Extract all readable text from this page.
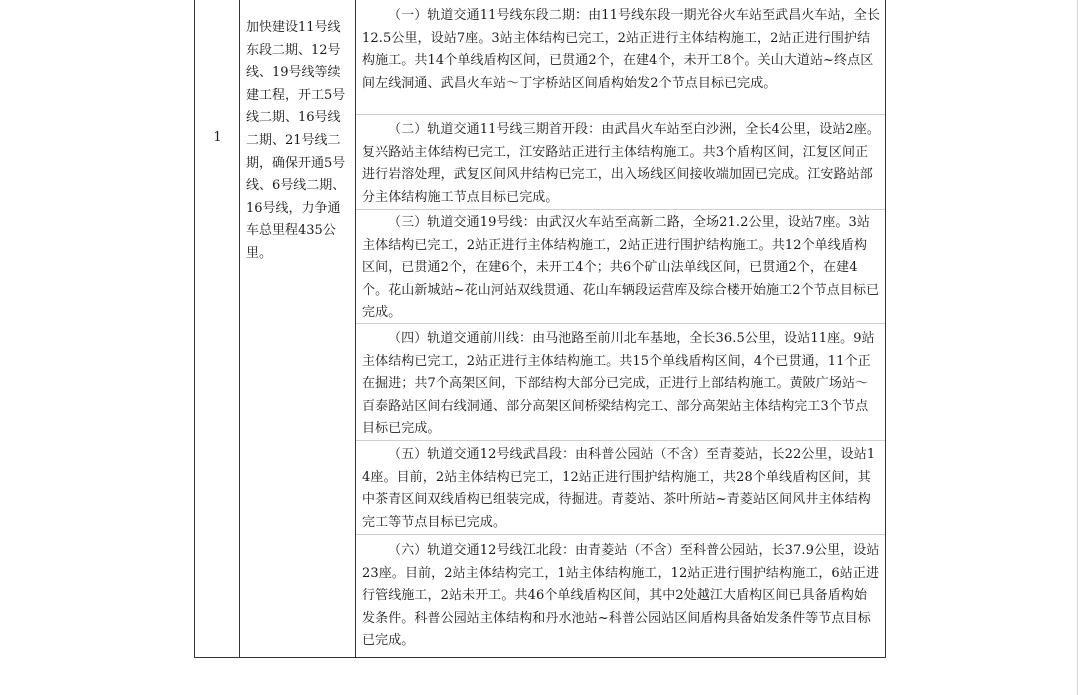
1
加快建设11号线东段二期、12号线、19号线等续建工程，开工5号线二期、16号线二期、21号线二期，确保开通5号线、6号线二期、16号线，力争通车总里程435公里。
（一）轨道交通11号线东段二期：由11号线东段一期光谷火车站至武昌火车站，全长12.5公里，设站7座。3站主体结构已完工，2站正进行主体结构施工，2站正进行围护结构施工。共14个单线盾构区间，已贯通2个，在建4个，未开工8个。关山大道站~终点区间左线洞通、武昌火车站～丁字桥站区间盾构始发2个节点目标已完成。
（二）轨道交通11号线三期首开段：由武昌火车站至白沙洲，全长4公里，设站2座。复兴路站主体结构已完工，江安路站正进行主体结构施工。共3个盾构区间，江复区间正进行岩溶处理，武复区间风井结构已完工，出入场线区间接收端加固已完成。江安路站部分主体结构施工节点目标已完成。
（三）轨道交通19号线：由武汉火车站至高新二路，全场21.2公里，设站7座。3站主体结构已完工，2站正进行主体结构施工，2站正进行围护结构施工。共12个单线盾构区间，已贯通2个，在建6个，未开工4个；共6个矿山法单线区间，已贯通2个，在建4个。花山新城站~花山河站双线贯通、花山车辆段运营库及综合楼开始施工2个节点目标已完成。
（四）轨道交通前川线：由马池路至前川北车基地，全长36.5公里，设站11座。9站主体结构已完工，2站正进行主体结构施工。共15个单线盾构区间，4个已贯通，11个正在掘进；共7个高架区间，下部结构大部分已完成，正进行上部结构施工。黄陂广场站～百泰路站区间右线洞通、部分高架区间桥梁结构完工、部分高架站主体结构完工3个节点目标已完成。
（五）轨道交通12号线武昌段：由科普公园站（不含）至青菱站，长22公里，设站14座。目前，2站主体结构已完工，12站正进行围护结构施工，共28个单线盾构区间，其中茶青区间双线盾构已组装完成，待掘进。青菱站、茶叶所站~青菱站区间风井主体结构完工等节点目标已完成。
（六）轨道交通12号线江北段：由青菱站（不含）至科普公园站，长37.9公里，设站23座。目前，2站主体结构完工，1站主体结构施工，12站正进行围护结构施工，6站正进行管线施工，2站未开工。共46个单线盾构区间，其中2处越江大盾构区间已具备盾构始发条件。科普公园站主体结构和丹水池站~科普公园站区间盾构具备始发条件等节点目标已完成。
